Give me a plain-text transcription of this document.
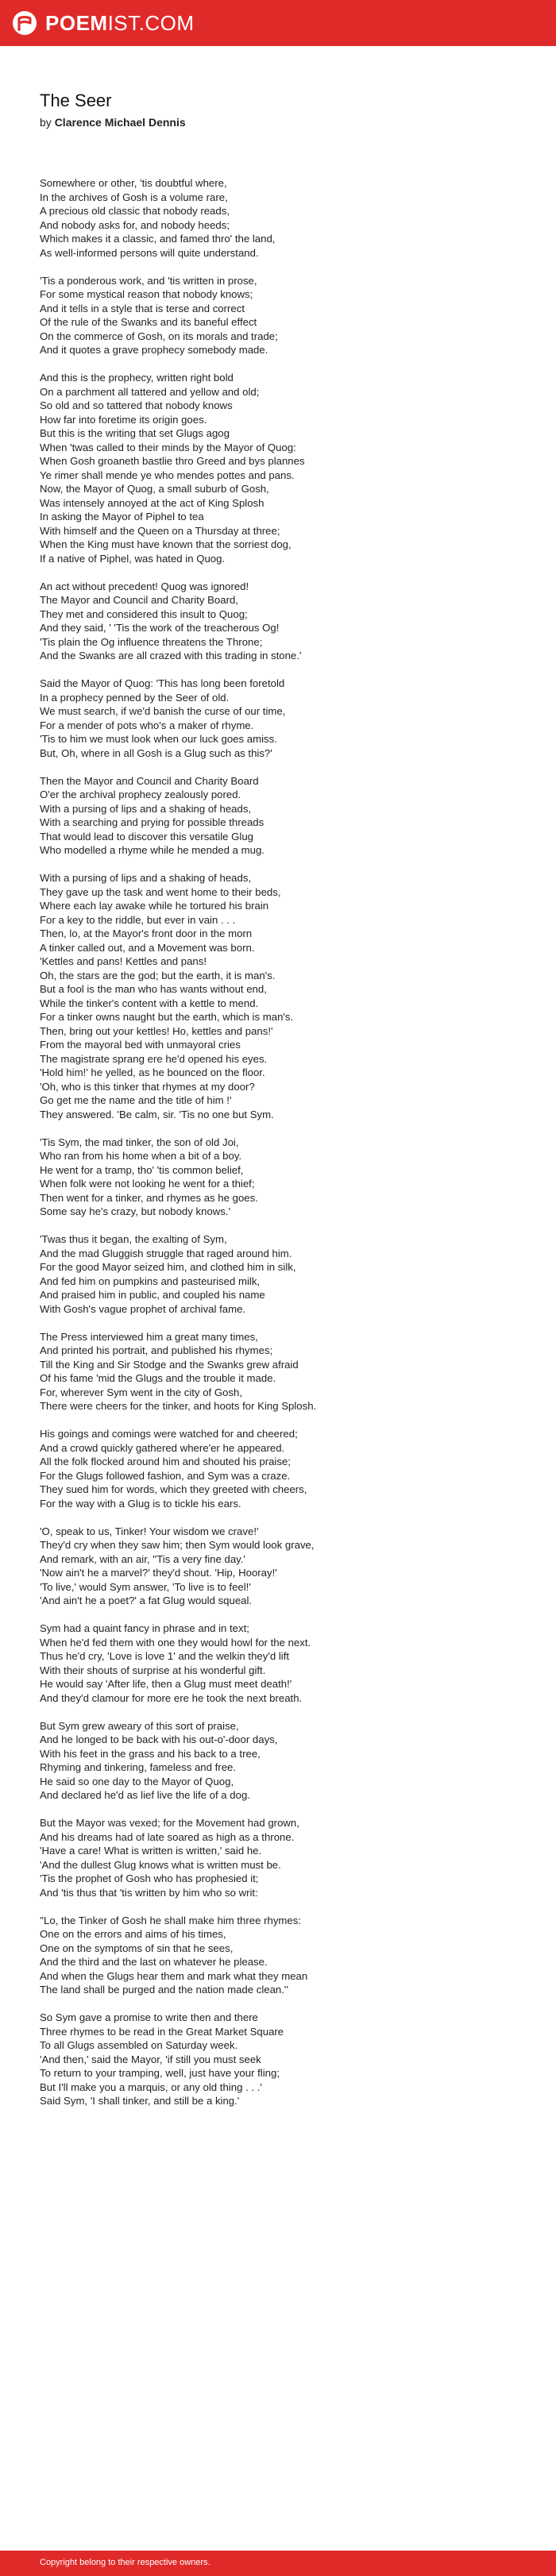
POEMIST.COM
The Seer
by Clarence Michael Dennis
Somewhere or other, 'tis doubtful where,
In the archives of Gosh is a volume rare,
A precious old classic that nobody reads,
And nobody asks for, and nobody heeds;
Which makes it a classic, and famed thro' the land,
As well-informed persons will quite understand.
'Tis a ponderous work, and 'tis written in prose,
For some mystical reason that nobody knows;
And it tells in a style that is terse and correct
Of the rule of the Swanks and its baneful effect
On the commerce of Gosh, on its morals and trade;
And it quotes a grave prophecy somebody made.
And this is the prophecy, written right bold
On a parchment all tattered and yellow and old;
So old and so tattered that nobody knows
How far into foretime its origin goes.
But this is the writing that set Glugs agog
When 'twas called to their minds by the Mayor of Quog:
When Gosh groaneth bastlie thro Greed and bys plannes
Ye rimer shall mende ye who mendes pottes and pans.
Now, the Mayor of Quog, a small suburb of Gosh,
Was intensely annoyed at the act of King Splosh
In asking the Mayor of Piphel to tea
With himself and the Queen on a Thursday at three;
When the King must have known that the sorriest dog,
If a native of Piphel, was hated in Quog.
An act without precedent! Quog was ignored!
The Mayor and Council and Charity Board,
They met and considered this insult to Quog;
And they said, ' 'Tis the work of the treacherous Og!
'Tis plain the Og influence threatens the Throne;
And the Swanks are all crazed with this trading in stone.'
Said the Mayor of Quog: 'This has long been foretold
In a prophecy penned by the Seer of old.
We must search, if we'd banish the curse of our time,
For a mender of pots who's a maker of rhyme.
'Tis to him we must look when our luck goes amiss.
But, Oh, where in all Gosh is a Glug such as this?'
Then the Mayor and Council and Charity Board
O'er the archival prophecy zealously pored.
With a pursing of lips and a shaking of heads,
With a searching and prying for possible threads
That would lead to discover this versatile Glug
Who modelled a rhyme while he mended a mug.
With a pursing of lips and a shaking of heads,
They gave up the task and went home to their beds,
Where each lay awake while he tortured his brain
For a key to the riddle, but ever in vain . . .
Then, lo, at the Mayor's front door in the morn
A tinker called out, and a Movement was born.
'Kettles and pans! Kettles and pans!
Oh, the stars are the god; but the earth, it is man's.
But a fool is the man who has wants without end,
While the tinker's content with a kettle to mend.
For a tinker owns naught but the earth, which is man's.
Then, bring out your kettles! Ho, kettles and pans!'
From the mayoral bed with unmayoral cries
The magistrate sprang ere he'd opened his eyes.
'Hold him!' he yelled, as he bounced on the floor.
'Oh, who is this tinker that rhymes at my door?
Go get me the name and the title of him !'
They answered. 'Be calm, sir. 'Tis no one but Sym.
'Tis Sym, the mad tinker, the son of old Joi,
Who ran from his home when a bit of a boy.
He went for a tramp, tho' 'tis common belief,
When folk were not looking he went for a thief;
Then went for a tinker, and rhymes as he goes.
Some say he's crazy, but nobody knows.'
'Twas thus it began, the exalting of Sym,
And the mad Gluggish struggle that raged around him.
For the good Mayor seized him, and clothed him in silk,
And fed him on pumpkins and pasteurised milk,
And praised him in public, and coupled his name
With Gosh's vague prophet of archival fame.
The Press interviewed him a great many times,
And printed his portrait, and published his rhymes;
Till the King and Sir Stodge and the Swanks grew afraid
Of his fame 'mid the Glugs and the trouble it made.
For, wherever Sym went in the city of Gosh,
There were cheers for the tinker, and hoots for King Splosh.
His goings and comings were watched for and cheered;
And a crowd quickly gathered where'er he appeared.
All the folk flocked around him and shouted his praise;
For the Glugs followed fashion, and Sym was a craze.
They sued him for words, which they greeted with cheers,
For the way with a Glug is to tickle his ears.
'O, speak to us, Tinker! Your wisdom we crave!'
They'd cry when they saw him; then Sym would look grave,
And remark, with an air, ''Tis a very fine day.'
'Now ain't he a marvel?' they'd shout. 'Hip, Hooray!'
'To live,' would Sym answer, 'To live is to feel!'
'And ain't he a poet?' a fat Glug would squeal.
Sym had a quaint fancy in phrase and in text;
When he'd fed them with one they would howl for the next.
Thus he'd cry, 'Love is love 1' and the welkin they'd lift
With their shouts of surprise at his wonderful gift.
He would say 'After life, then a Glug must meet death!'
And they'd clamour for more ere he took the next breath.
But Sym grew aweary of this sort of praise,
And he longed to be back with his out-o'-door days,
With his feet in the grass and his back to a tree,
Rhyming and tinkering, fameless and free.
He said so one day to the Mayor of Quog,
And declared he'd as lief live the life of a dog.
But the Mayor was vexed; for the Movement had grown,
And his dreams had of late soared as high as a throne.
'Have a care! What is written is written,' said he.
'And the dullest Glug knows what is written must be.
'Tis the prophet of Gosh who has prophesied it;
And 'tis thus that 'tis written by him who so writ:
''Lo, the Tinker of Gosh he shall make him three rhymes:
One on the errors and aims of his times,
One on the symptoms of sin that he sees,
And the third and the last on whatever he please.
And when the Glugs hear them and mark what they mean
The land shall be purged and the nation made clean.''
So Sym gave a promise to write then and there
Three rhymes to be read in the Great Market Square
To all Glugs assembled on Saturday week.
'And then,' said the Mayor, 'if still you must seek
To return to your tramping, well, just have your fling;
But I'll make you a marquis, or any old thing . . .'
Said Sym, 'I shall tinker, and still be a king.'
Copyright belong to their respective owners.
